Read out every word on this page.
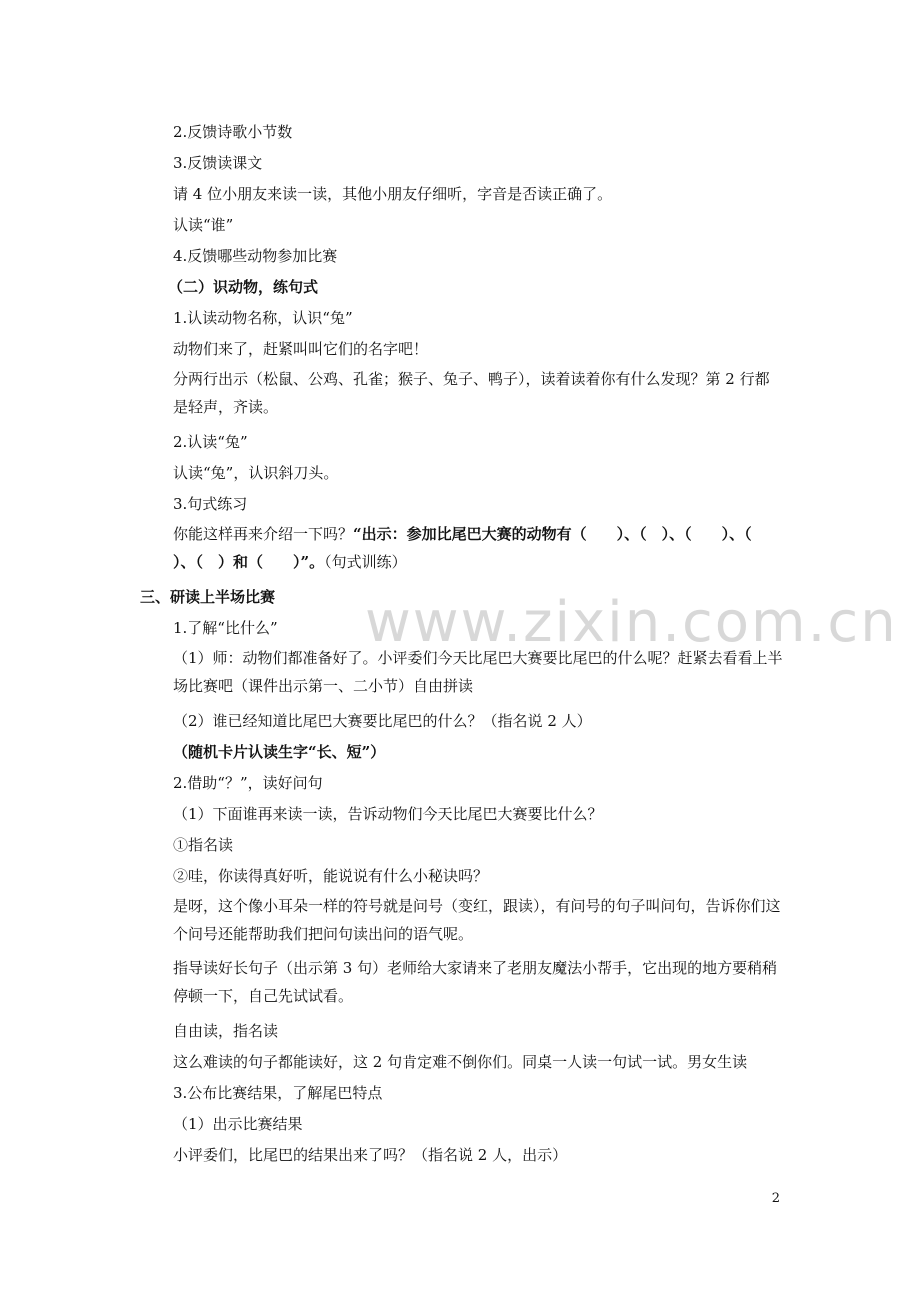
www.zixin.com.cn
2.反馈诗歌小节数
3.反馈读课文
请 4 位小朋友来读一读，其他小朋友仔细听，字音是否读正确了。
认读“谁”
4.反馈哪些动物参加比赛
（二）识动物，练句式
1.认读动物名称，认识“兔”
动物们来了，赶紧叫叫它们的名字吧！
分两行出示（松鼠、公鸡、孔雀；猴子、兔子、鸭子），读着读着你有什么发现？第 2 行都是轻声，齐读。
2.认读“兔”
认读“兔”，认识斜刀头。
3.句式练习
你能这样再来介绍一下吗？“出示：参加比尾巴大赛的动物有（　　）、（　）、（　　）、（　　）、（　）和（　　）”。（句式训练）
三、研读上半场比赛
1.了解“比什么”
（1）师：动物们都准备好了。小评委们今天比尾巴大赛要比尾巴的什么呢？赶紧去看看上半场比赛吧（课件出示第一、二小节）自由拼读
（2）谁已经知道比尾巴大赛要比尾巴的什么？（指名说 2 人）
（随机卡片认读生字“长、短”）
2.借助“？”，读好问句
（1）下面谁再来读一读，告诉动物们今天比尾巴大赛要比什么？
①指名读
②哇，你读得真好听，能说说有什么小秘诀吗？
是呀，这个像小耳朵一样的符号就是问号（变红，跟读），有问号的句子叫问句，告诉你们这个问号还能帮助我们把问句读出问的语气呢。
指导读好长句子（出示第 3 句）老师给大家请来了老朋友魔法小帮手，它出现的地方要稍稍停顿一下，自己先试试看。
自由读，指名读
这么难读的句子都能读好，这 2 句肯定难不倒你们。同桌一人读一句试一试。男女生读
3.公布比赛结果，了解尾巴特点
（1）出示比赛结果
小评委们，比尾巴的结果出来了吗？（指名说 2 人，出示）
2
